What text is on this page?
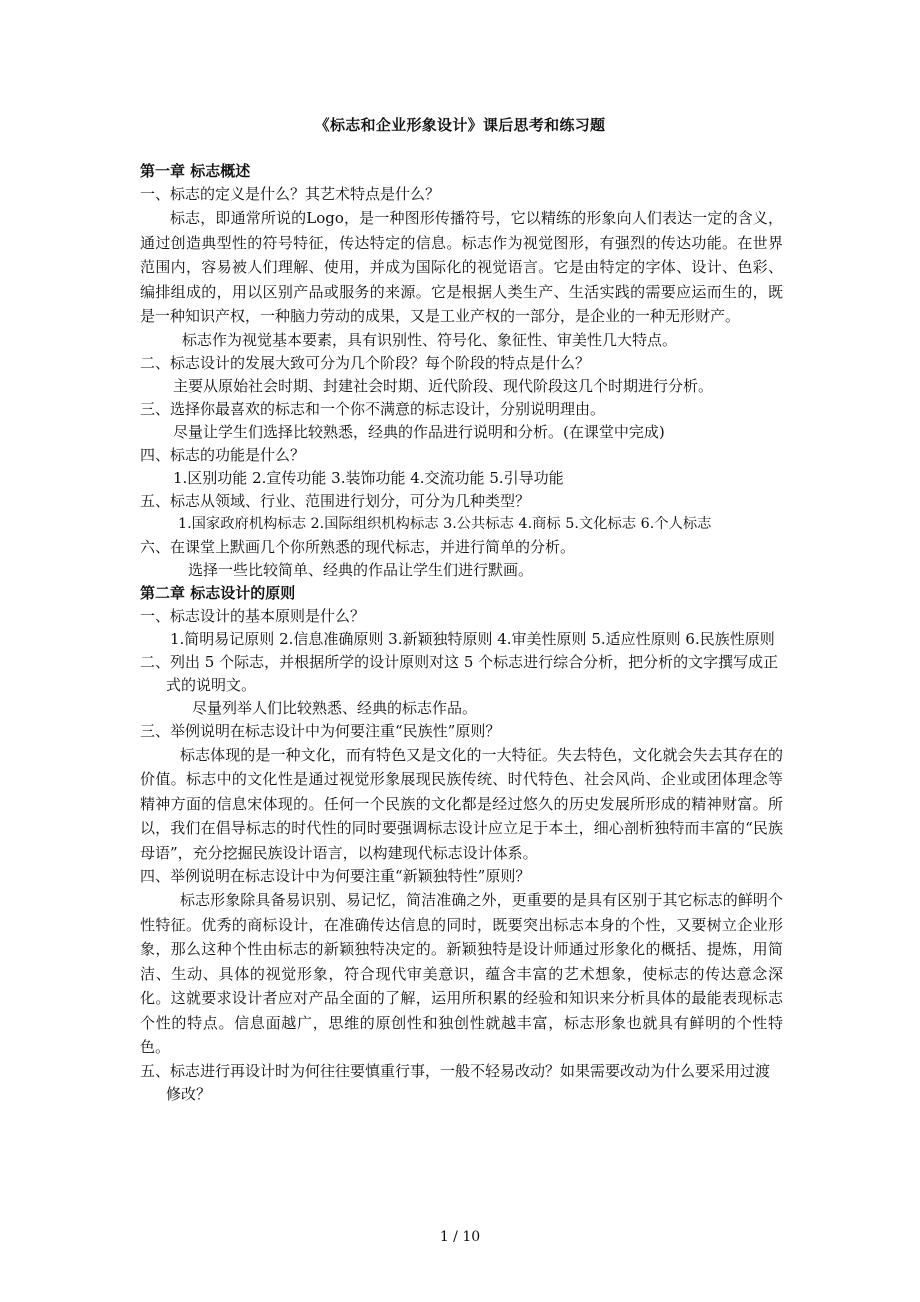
《标志和企业形象设计》课后思考和练习题
第一章 标志概述
一、标志的定义是什么？其艺术特点是什么？
标志，即通常所说的Logo，是一种图形传播符号，它以精练的形象向人们表达一定的含义，通过创造典型性的符号特征，传达特定的信息。标志作为视觉图形，有强烈的传达功能。在世界范围内，容易被人们理解、使用，并成为国际化的视觉语言。它是由特定的字体、设计、色彩、编排组成的，用以区别产品或服务的来源。它是根据人类生产、生活实践的需要应运而生的，既是一种知识产权，一种脑力劳动的成果，又是工业产权的一部分，是企业的一种无形财产。
标志作为视觉基本要素，具有识别性、符号化、象征性、审美性几大特点。
二、标志设计的发展大致可分为几个阶段？每个阶段的特点是什么？
主要从原始社会时期、封建社会时期、近代阶段、现代阶段这几个时期进行分析。
三、选择你最喜欢的标志和一个你不满意的标志设计，分别说明理由。
尽量让学生们选择比较熟悉，经典的作品进行说明和分析。(在课堂中完成)
四、标志的功能是什么？
1.区别功能 2.宣传功能 3.装饰功能 4.交流功能 5.引导功能
五、标志从领域、行业、范围进行划分，可分为几种类型？
1.国家政府机构标志 2.国际组织机构标志 3.公共标志 4.商标 5.文化标志 6.个人标志
六、在课堂上默画几个你所熟悉的现代标志，并进行简单的分析。
选择一些比较简单、经典的作品让学生们进行默画。
第二章 标志设计的原则
一、标志设计的基本原则是什么？
1.简明易记原则 2.信息准确原则 3.新颖独特原则 4.审美性原则 5.适应性原则 6.民族性原则
二、列出 5 个际志，并根据所学的设计原则对这 5 个标志进行综合分析，把分析的文字撰写成正式的说明文。
尽量列举人们比较熟悉、经典的标志作品。
三、举例说明在标志设计中为何要注重“民族性”原则？
标志体现的是一种文化，而有特色又是文化的一大特征。失去特色，文化就会失去其存在的价值。标志中的文化性是通过视觉形象展现民族传统、时代特色、社会风尚、企业或团体理念等精神方面的信息宋体现的。任何一个民族的文化都是经过悠久的历史发展所形成的精神财富。所以，我们在倡导标志的时代性的同时要强调标志设计应立足于本土，细心剖析独特而丰富的“民族母语”，充分挖掘民族设计语言，以构建现代标志设计体系。
四、举例说明在标志设计中为何要注重“新颖独特性”原则？
标志形象除具备易识别、易记忆，简洁准确之外，更重要的是具有区别于其它标志的鲜明个性特征。优秀的商标设计，在准确传达信息的同时，既要突出标志本身的个性，又要树立企业形象，那么这种个性由标志的新颖独特决定的。新颖独特是设计师通过形象化的概括、提炼，用简洁、生动、具体的视觉形象，符合现代审美意识，蕴含丰富的艺术想象，使标志的传达意念深化。这就要求设计者应对产品全面的了解，运用所积累的经验和知识来分析具体的最能表现标志个性的特点。信息面越广，思维的原创性和独创性就越丰富，标志形象也就具有鲜明的个性特色。
五、标志进行再设计时为何往往要慎重行事，一般不轻易改动？如果需要改动为什么要采用过渡修改？
1 / 10
